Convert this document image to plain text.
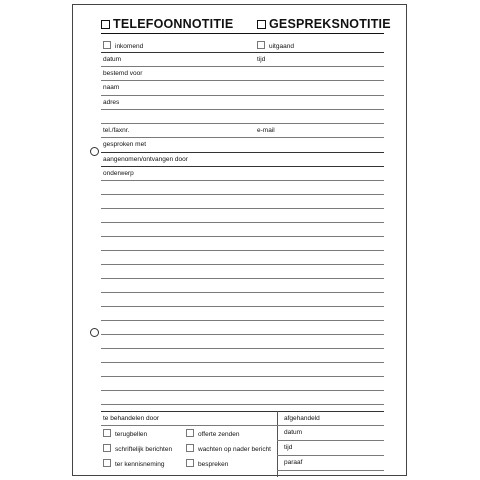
TELEFOONNOTITIE	GESPREKSNOTITIE
inkomend	uitgaand
datum	tijd
bestemd voor
naam
adres
tel./faxnr.	e-mail
gesproken met
aangenomen/ontvangen door
onderwerp
te behandelen door
terugbellen	offerte zenden
schriftelijk berichten	wachten op nader bericht
ter kennisneming	bespreken
afgehandeld
datum
tijd
paraaf
